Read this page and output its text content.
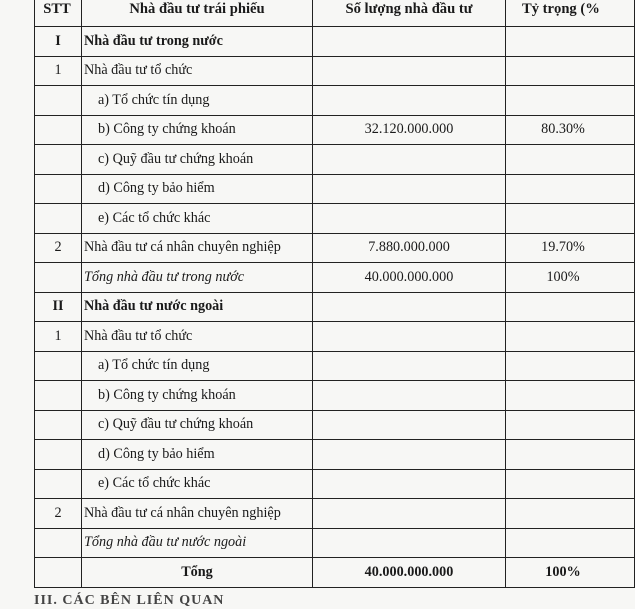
STT	Nhà đầu tư trái phiếu	Số lượng nhà đầu tư	Tỷ trọng (%
I	Nhà đầu tư trong nước		
1	Nhà đầu tư tổ chức		
	a) Tổ chức tín dụng		
	b) Công ty chứng khoán	32.120.000.000	80.30%
	c) Quỹ đầu tư chứng khoán		
	d) Công ty bảo hiểm		
	e) Các tổ chức khác		
2	Nhà đầu tư cá nhân chuyên nghiệp	7.880.000.000	19.70%
	Tổng nhà đầu tư trong nước	40.000.000.000	100%
II	Nhà đầu tư nước ngoài		
1	Nhà đầu tư tổ chức		
	a) Tổ chức tín dụng		
	b) Công ty chứng khoán		
	c) Quỹ đầu tư chứng khoán		
	d) Công ty bảo hiểm		
	e) Các tổ chức khác		
2	Nhà đầu tư cá nhân chuyên nghiệp		
	Tổng nhà đầu tư nước ngoài		
	Tổng	40.000.000.000	100%
III. CÁC BÊN LIÊN QUAN
